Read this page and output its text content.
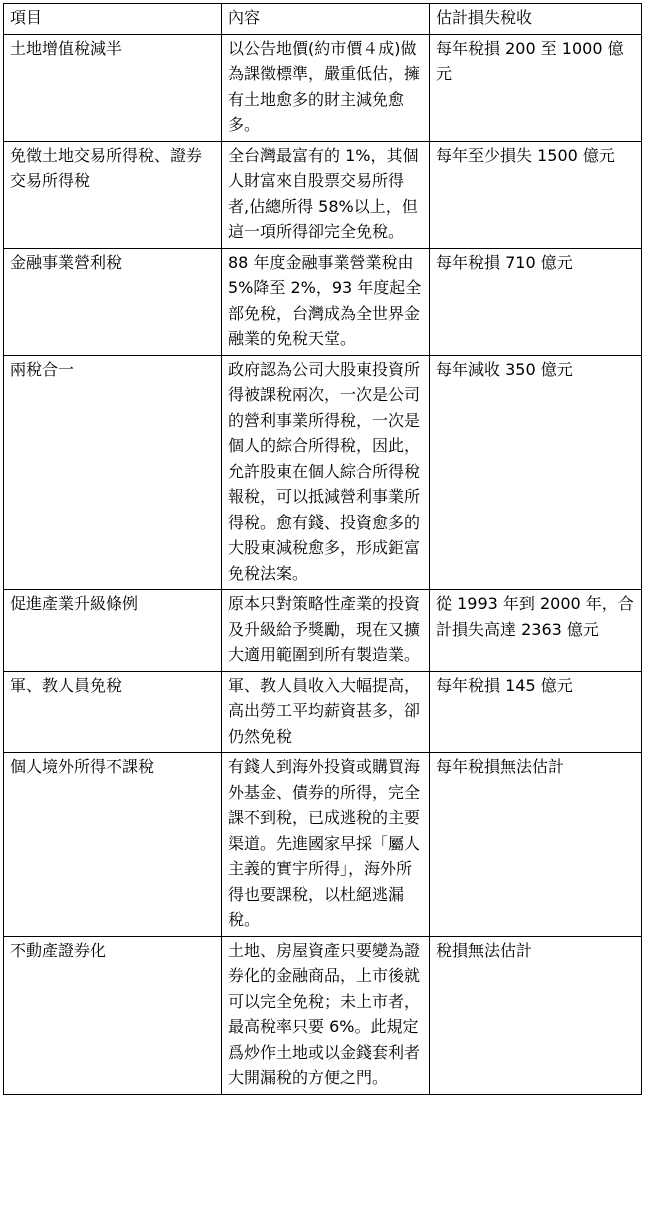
項目	內容	估計損失稅收
土地增值稅減半	以公告地價(約市價４成)做為課徵標準，嚴重低估，擁有土地愈多的財主減免愈多。	每年稅損 200 至 1000 億元
免徵土地交易所得稅、證券交易所得稅	全台灣最富有的 1%，其個人財富來自股票交易所得者,佔總所得 58%以上，但這一項所得卻完全免稅。	每年至少損失 1500 億元
金融事業營利稅	88 年度金融事業營業稅由 5%降至 2%，93 年度起全部免稅，台灣成為全世界金融業的免稅天堂。	每年稅損 710 億元
兩稅合一	政府認為公司大股東投資所得被課稅兩次，一次是公司的營利事業所得稅，一次是個人的綜合所得稅，因此，允許股東在個人綜合所得稅報稅，可以抵減營利事業所得稅。愈有錢、投資愈多的大股東減稅愈多，形成鉅富免稅法案。	每年減收 350 億元
促進產業升級條例	原本只對策略性產業的投資及升級給予獎勵，現在又擴大適用範圍到所有製造業。	從 1993 年到 2000 年，合計損失高達 2363 億元
軍、教人員免稅	軍、教人員收入大幅提高，高出勞工平均薪資甚多，卻仍然免稅	每年稅損 145 億元
個人境外所得不課稅	有錢人到海外投資或購買海外基金、債券的所得，完全課不到稅，已成逃稅的主要渠道。先進國家早採「屬人主義的實宇所得」，海外所得也要課稅，以杜絕逃漏稅。	每年稅損無法估計
不動產證券化	土地、房屋資產只要變為證券化的金融商品，上市後就可以完全免稅；未上市者，最高稅率只要 6%。此規定爲炒作土地或以金錢套利者大開漏稅的方便之門。	稅損無法估計
